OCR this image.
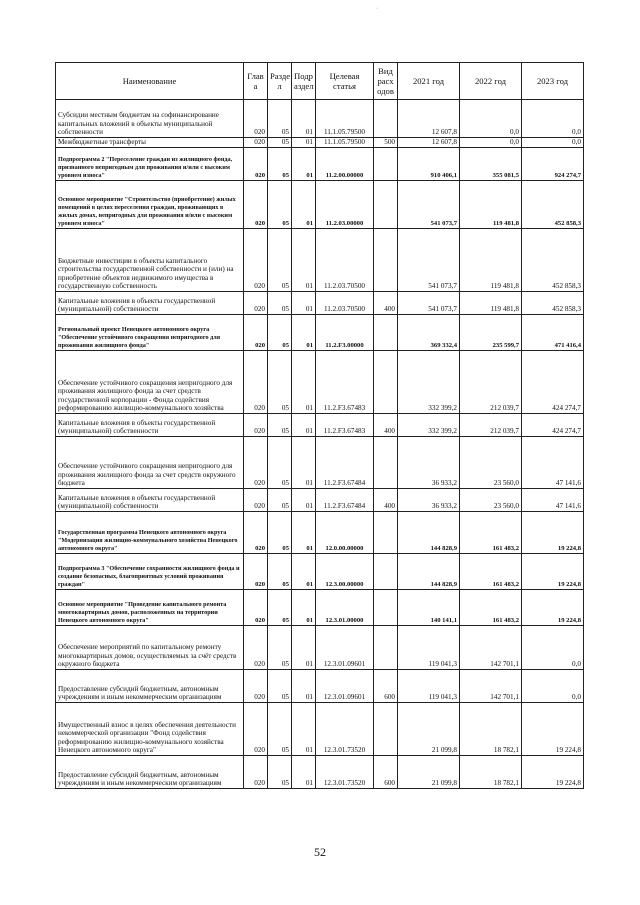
·
Наименование	Глав а	Разде л	Подр аздел	Целевая статья	Вид расх одов	2021 год	2022 год	2023 год
Субсидии местным бюджетам на софинансирование капитальных вложений в объекты муниципальной собственности	020	05	01	11.1.05.79500		12 607,8	0,0	0,0
Межбюджетные трансферты	020	05	01	11.1.05.79500	500	12 607,8	0,0	0,0
Подпрограмма 2 "Переселение граждан из жилищного фонда, признанного непригодным для проживания и/или с высоким уровнем износа"	020	05	01	11.2.00.00000		910 406,1	355 081,5	924 274,7
Основное мероприятие "Строительство (приобретение) жилых помещений в целях переселения граждан, проживающих в жилых домах, непригодных для проживания и/или с высоким уровнем износа"	020	05	01	11.2.03.00000		541 073,7	119 481,8	452 858,3
Бюджетные инвестиции в объекты капитального строительства государственной собственности и (или) на приобретение объектов недвижимого имущества в государственную собственность	020	05	01	11.2.03.70500		541 073,7	119 481,8	452 858,3
Капитальные вложения в объекты государственной (муниципальной) собственности	020	05	01	11.2.03.70500	400	541 073,7	119 481,8	452 858,3
Региональный проект Ненецкого автономного округа "Обеспечение устойчивого сокращения непригодного для проживания жилищного фонда"	020	05	01	11.2.F3.00000		369 332,4	235 599,7	471 416,4
Обеспечение устойчивого сокращения непригодного для проживания жилищного фонда за счет средств государственной корпорации - Фонда содействия реформированию жилищно-коммунального хозяйства	020	05	01	11.2.F3.67483		332 399,2	212 039,7	424 274,7
Капитальные вложения в объекты государственной (муниципальной) собственности	020	05	01	11.2.F3.67483	400	332 399,2	212 039,7	424 274,7
Обеспечение устойчивого сокращения непригодного для проживания жилищного фонда за счет средств окружного бюджета	020	05	01	11.2.F3.67484		36 933,2	23 560,0	47 141,6
Капитальные вложения в объекты государственной (муниципальной) собственности	020	05	01	11.2.F3.67484	400	36 933,2	23 560,0	47 141,6
Государственная программа Ненецкого автономного округа "Модернизация жилищно-коммунального хозяйства Ненецкого автономного округа"	020	05	01	12.0.00.00000		144 828,9	161 483,2	19 224,8
Подпрограмма 3 "Обеспечение сохранности жилищного фонда и создание безопасных, благоприятных условий проживания граждан"	020	05	01	12.3.00.00000		144 828,9	161 483,2	19 224,8
Основное мероприятие "Проведение капитального ремонта многоквартирных домов, расположенных на территории Ненецкого автономного округа"	020	05	01	12.3.01.00000		140 141,1	161 483,2	19 224,8
Обеспечение мероприятий по капитальному ремонту многоквартирных домов, осуществляемых за счёт средств окружного бюджета	020	05	01	12.3.01.09601		119 041,3	142 701,1	0,0
Предоставление субсидий бюджетным, автономным учреждениям и иным некоммерческим организациям	020	05	01	12.3.01.09601	600	119 041,3	142 701,1	0,0
Имущественный взнос в целях обеспечения деятельности некоммерческой организации "Фонд содействия реформированию жилищно-коммунального хозяйства Ненецкого автономного округа"	020	05	01	12.3.01.73520		21 099,8	18 782,1	19 224,8
Предоставление субсидий бюджетным, автономным учреждениям и иным некоммерческим организациям	020	05	01	12.3.01.73520	600	21 099,8	18 782,1	19 224,8
52
